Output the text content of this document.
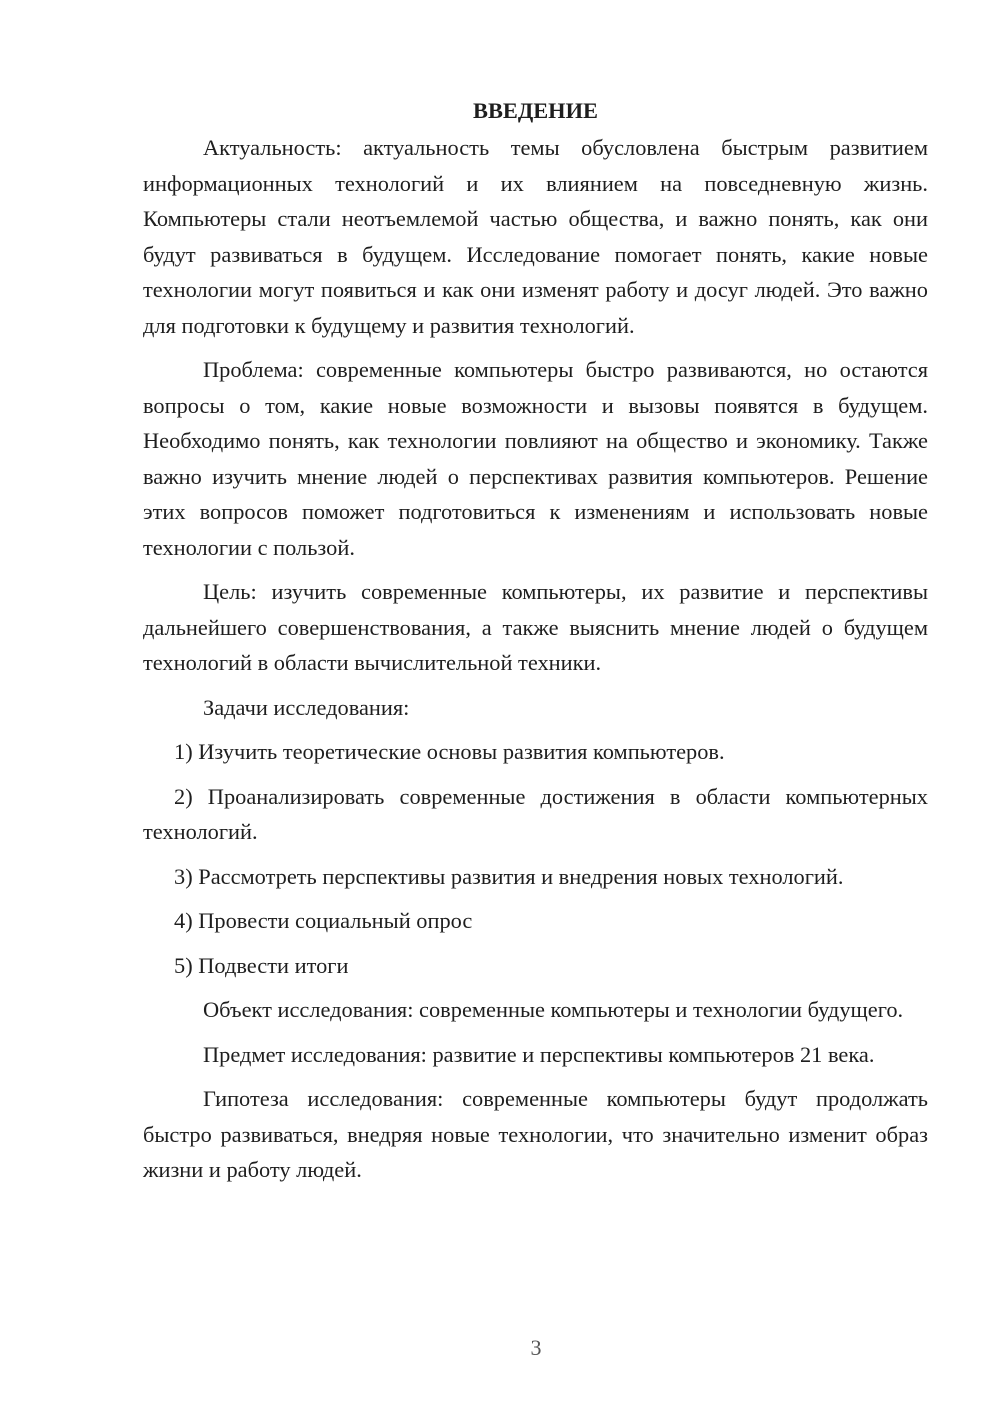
ВВЕДЕНИЕ

Актуальность: актуальность темы обусловлена быстрым развитием информационных технологий и их влиянием на повседневную жизнь. Компьютеры стали неотъемлемой частью общества, и важно понять, как они будут развиваться в будущем. Исследование помогает понять, какие новые технологии могут появиться и как они изменят работу и досуг людей. Это важно для подготовки к будущему и развития технологий.

Проблема: современные компьютеры быстро развиваются, но остаются вопросы о том, какие новые возможности и вызовы появятся в будущем. Необходимо понять, как технологии повлияют на общество и экономику. Также важно изучить мнение людей о перспективах развития компьютеров. Решение этих вопросов поможет подготовиться к изменениям и использовать новые технологии с пользой.

Цель: изучить современные компьютеры, их развитие и перспективы дальнейшего совершенствования, а также выяснить мнение людей о будущем технологий в области вычислительной техники.

Задачи исследования:

1) Изучить теоретические основы развития компьютеров.

2) Проанализировать современные достижения в области компьютерных технологий.

3) Рассмотреть перспективы развития и внедрения новых технологий.

4) Провести социальный опрос

5) Подвести итоги

Объект исследования: современные компьютеры и технологии будущего.

Предмет исследования: развитие и перспективы компьютеров 21 века.

Гипотеза исследования: современные компьютеры будут продолжать быстро развиваться, внедряя новые технологии, что значительно изменит образ жизни и работу людей.

3
